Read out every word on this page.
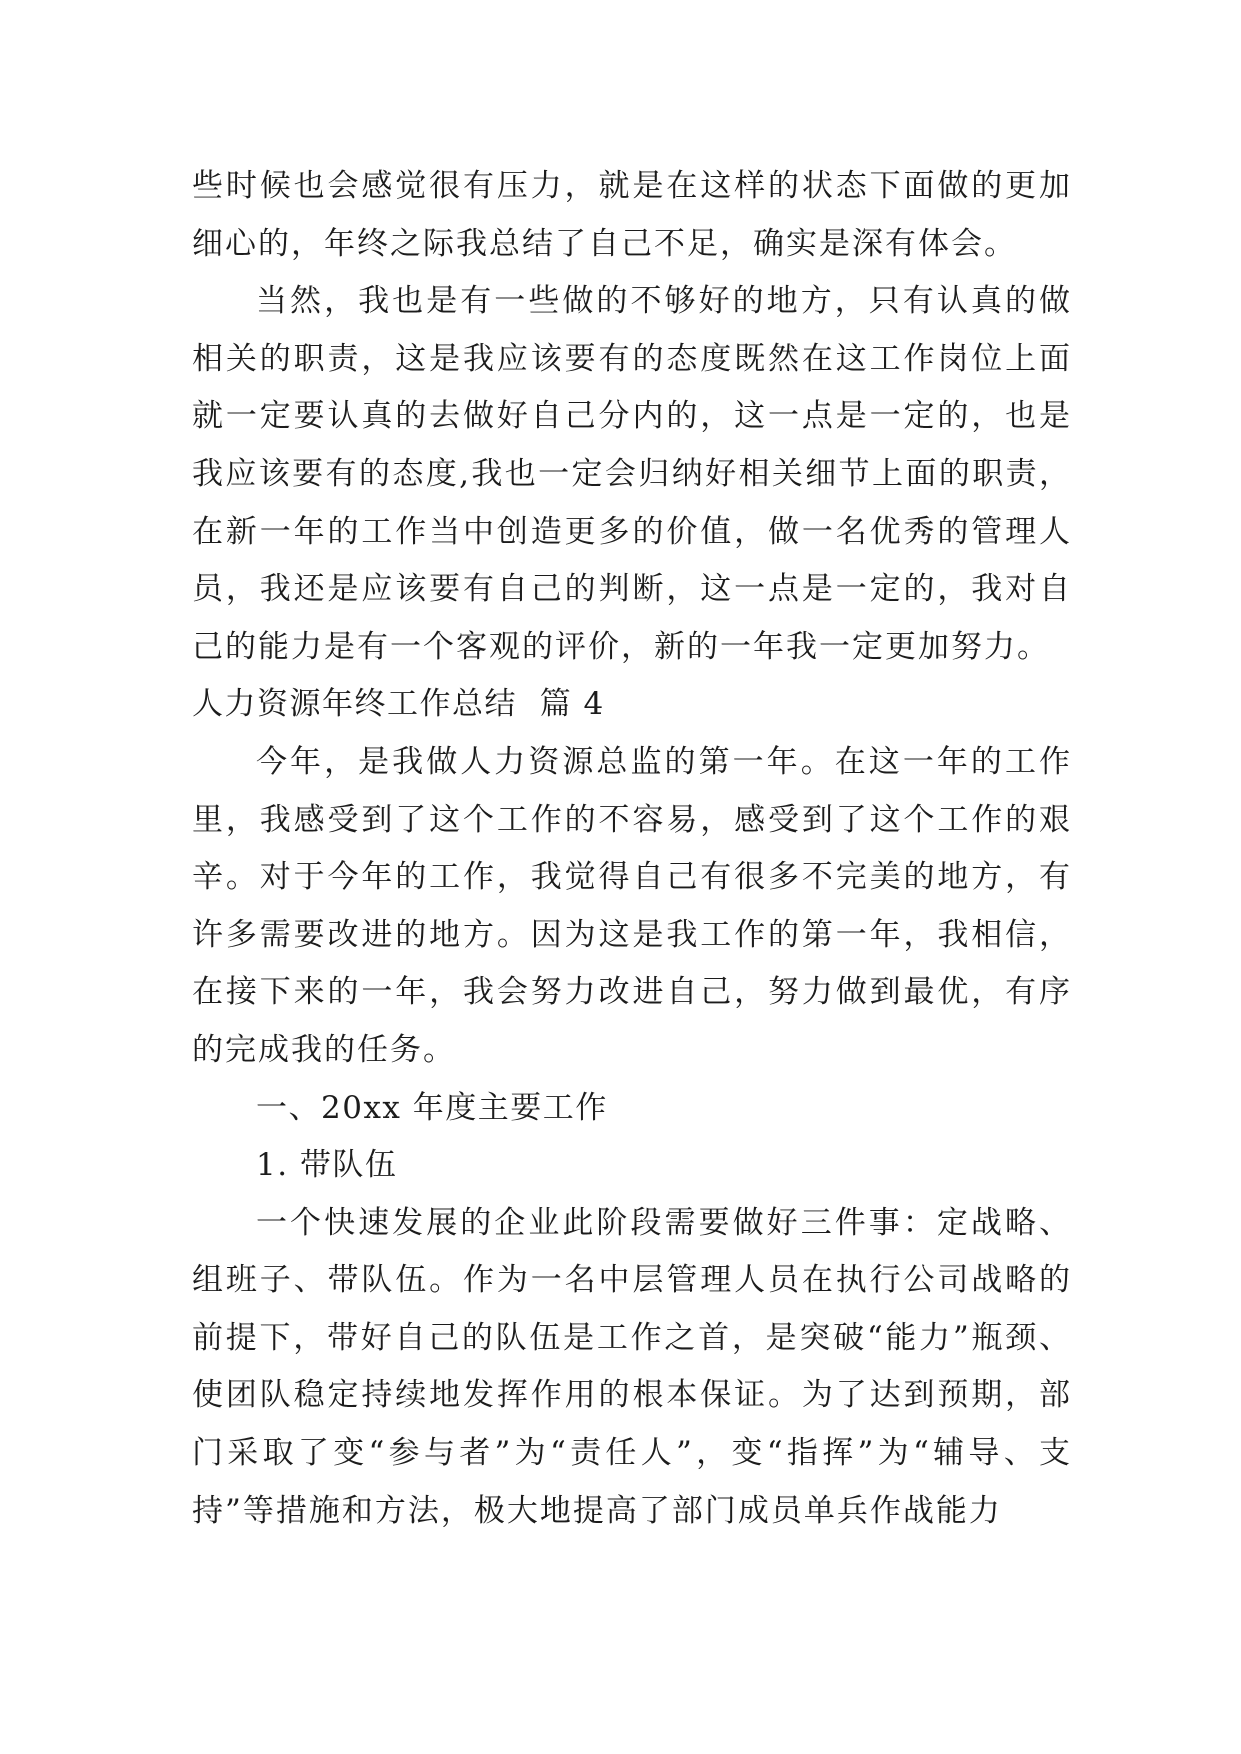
些时候也会感觉很有压力，就是在这样的状态下面做的更加细心的，年终之际我总结了自己不足，确实是深有体会。

当然，我也是有一些做的不够好的地方，只有认真的做相关的职责，这是我应该要有的态度既然在这工作岗位上面就一定要认真的去做好自己分内的，这一点是一定的，也是我应该要有的态度,我也一定会归纳好相关细节上面的职责，在新一年的工作当中创造更多的价值，做一名优秀的管理人员，我还是应该要有自己的判断，这一点是一定的，我对自己的能力是有一个客观的评价，新的一年我一定更加努力。

人力资源年终工作总结  篇 4

今年，是我做人力资源总监的第一年。在这一年的工作里，我感受到了这个工作的不容易，感受到了这个工作的艰辛。对于今年的工作，我觉得自己有很多不完美的地方，有许多需要改进的地方。因为这是我工作的第一年，我相信，在接下来的一年，我会努力改进自己，努力做到最优，有序的完成我的任务。

一、20xx 年度主要工作

1. 带队伍

一个快速发展的企业此阶段需要做好三件事：定战略、组班子、带队伍。作为一名中层管理人员在执行公司战略的前提下，带好自己的队伍是工作之首，是突破“能力”瓶颈、使团队稳定持续地发挥作用的根本保证。为了达到预期，部门采取了变“参与者”为“责任人”，变“指挥”为“辅导、支持”等措施和方法，极大地提高了部门成员单兵作战能力
